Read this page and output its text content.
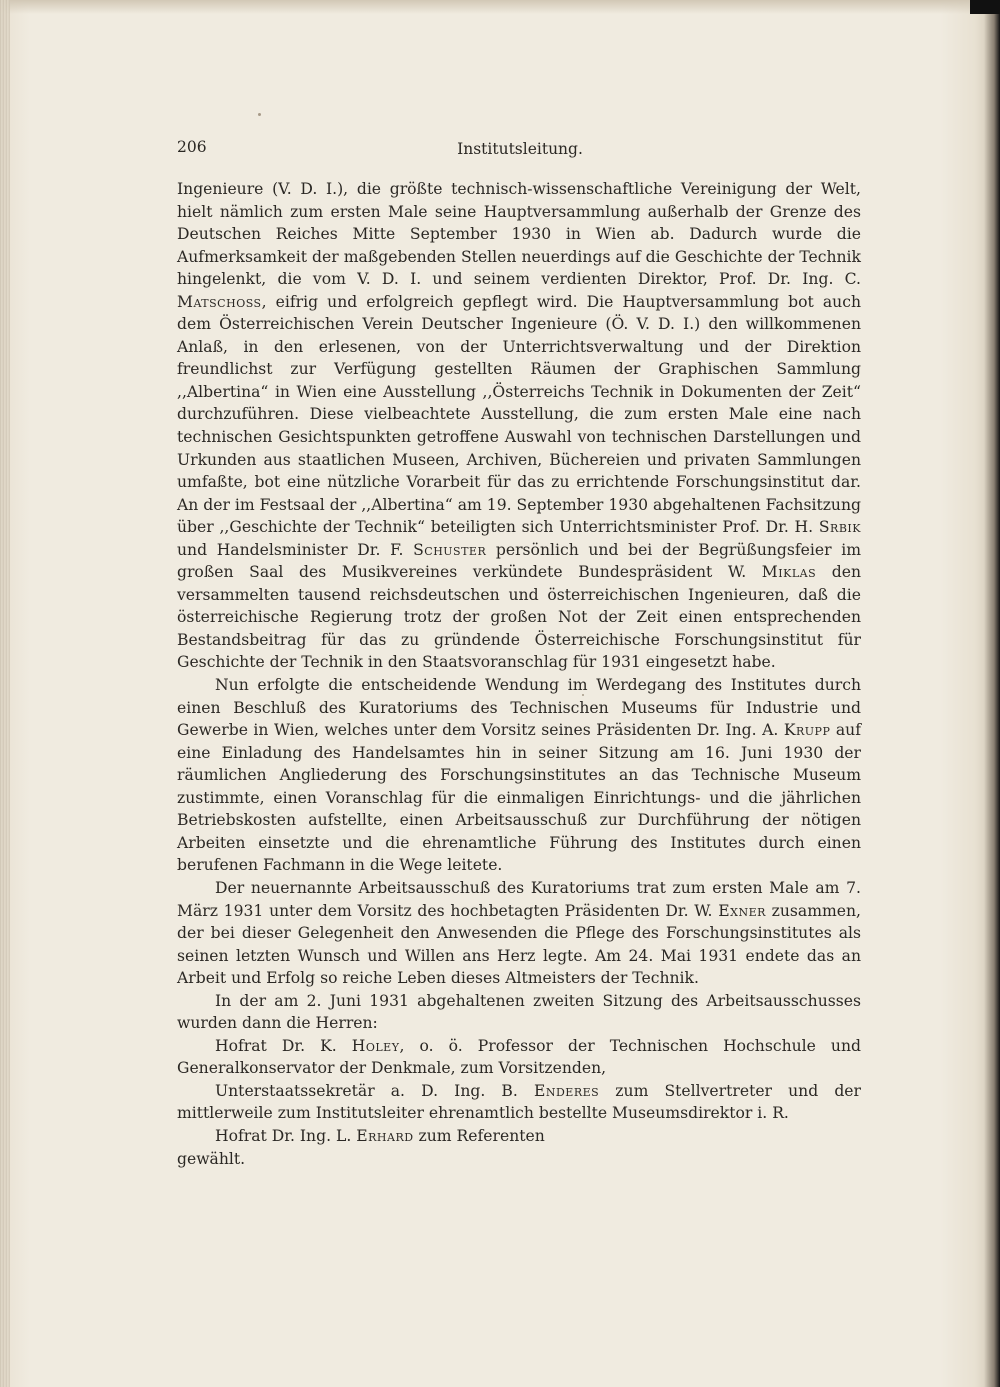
206	Institutsleitung.

Ingenieure (V. D. I.), die größte technisch-wissenschaftliche Vereinigung der Welt, hielt nämlich zum ersten Male seine Hauptversammlung außerhalb der Grenze des Deutschen Reiches Mitte September 1930 in Wien ab. Dadurch wurde die Aufmerksamkeit der maßgebenden Stellen neuerdings auf die Geschichte der Technik hingelenkt, die vom V. D. I. und seinem verdienten Direktor, Prof. Dr. Ing. C. Matschoss, eifrig und erfolgreich gepflegt wird. Die Hauptversammlung bot auch dem Österreichischen Verein Deutscher Ingenieure (Ö. V. D. I.) den willkommenen Anlaß, in den erlesenen, von der Unterrichtsverwaltung und der Direktion freundlichst zur Verfügung gestellten Räumen der Graphischen Sammlung ,,Albertina“ in Wien eine Ausstellung ,,Österreichs Technik in Dokumenten der Zeit“ durchzuführen. Diese vielbeachtete Ausstellung, die zum ersten Male eine nach technischen Gesichtspunkten getroffene Auswahl von technischen Darstellungen und Urkunden aus staatlichen Museen, Archiven, Büchereien und privaten Sammlungen umfaßte, bot eine nützliche Vorarbeit für das zu errichtende Forschungsinstitut dar. An der im Festsaal der ,,Albertina“ am 19. September 1930 abgehaltenen Fachsitzung über ,,Geschichte der Technik“ beteiligten sich Unterrichtsminister Prof. Dr. H. Srbik und Handelsminister Dr. F. Schuster persönlich und bei der Begrüßungsfeier im großen Saal des Musikvereines verkündete Bundespräsident W. Miklas den versammelten tausend reichsdeutschen und österreichischen Ingenieuren, daß die österreichische Regierung trotz der großen Not der Zeit einen entsprechenden Bestandsbeitrag für das zu gründende Österreichische Forschungsinstitut für Geschichte der Technik in den Staatsvoranschlag für 1931 eingesetzt habe.

Nun erfolgte die entscheidende Wendung im Werdegang des Institutes durch einen Beschluß des Kuratoriums des Technischen Museums für Industrie und Gewerbe in Wien, welches unter dem Vorsitz seines Präsidenten Dr. Ing. A. Krupp auf eine Einladung des Handelsamtes hin in seiner Sitzung am 16. Juni 1930 der räumlichen Angliederung des Forschungsinstitutes an das Technische Museum zustimmte, einen Voranschlag für die einmaligen Einrichtungs- und die jährlichen Betriebskosten aufstellte, einen Arbeitsausschuß zur Durchführung der nötigen Arbeiten einsetzte und die ehrenamtliche Führung des Institutes durch einen berufenen Fachmann in die Wege leitete.

Der neuernannte Arbeitsausschuß des Kuratoriums trat zum ersten Male am 7. März 1931 unter dem Vorsitz des hochbetagten Präsidenten Dr. W. Exner zusammen, der bei dieser Gelegenheit den Anwesenden die Pflege des Forschungsinstitutes als seinen letzten Wunsch und Willen ans Herz legte. Am 24. Mai 1931 endete das an Arbeit und Erfolg so reiche Leben dieses Altmeisters der Technik.

In der am 2. Juni 1931 abgehaltenen zweiten Sitzung des Arbeitsausschusses wurden dann die Herren:

Hofrat Dr. K. Holey, o. ö. Professor der Technischen Hochschule und Generalkonservator der Denkmale, zum Vorsitzenden,

Unterstaatssekretär a. D. Ing. B. Enderes zum Stellvertreter und der mittlerweile zum Institutsleiter ehrenamtlich bestellte Museumsdirektor i. R.

Hofrat Dr. Ing. L. Erhard zum Referenten

gewählt.
